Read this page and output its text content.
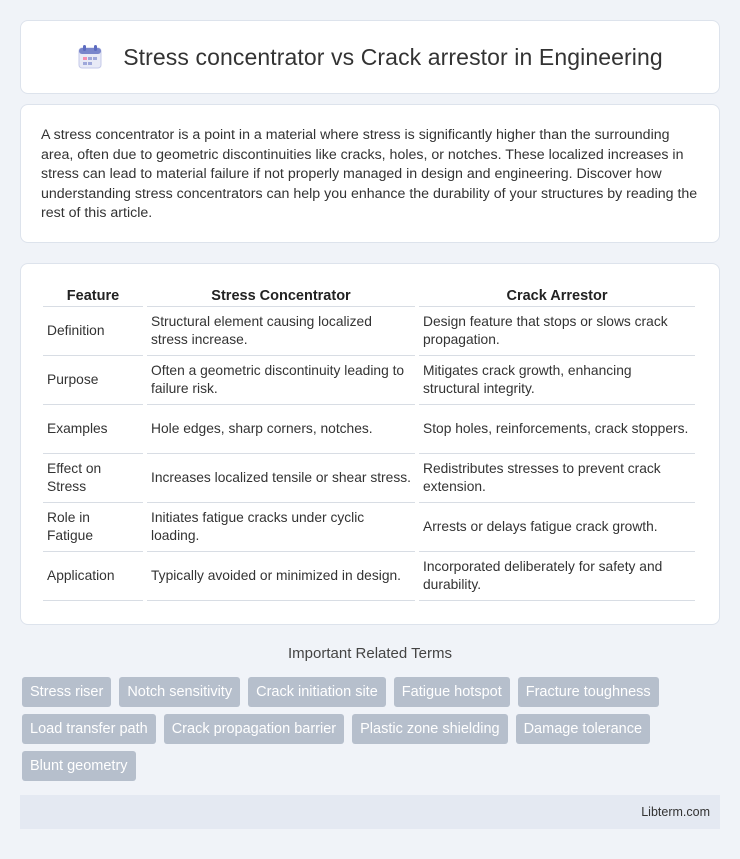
Stress concentrator vs Crack arrestor in Engineering

A stress concentrator is a point in a material where stress is significantly higher than the surrounding area, often due to geometric discontinuities like cracks, holes, or notches. These localized increases in stress can lead to material failure if not properly managed in design and engineering. Discover how understanding stress concentrators can help you enhance the durability of your structures by reading the rest of this article.

Feature	Stress Concentrator	Crack Arrestor
Definition	Structural element causing localized stress increase.	Design feature that stops or slows crack propagation.
Purpose	Often a geometric discontinuity leading to failure risk.	Mitigates crack growth, enhancing structural integrity.
Examples	Hole edges, sharp corners, notches.	Stop holes, reinforcements, crack stoppers.
Effect on Stress	Increases localized tensile or shear stress.	Redistributes stresses to prevent crack extension.
Role in Fatigue	Initiates fatigue cracks under cyclic loading.	Arrests or delays fatigue crack growth.
Application	Typically avoided or minimized in design.	Incorporated deliberately for safety and durability.
Important Related Terms
Stress riser	Notch sensitivity	Crack initiation site	Fatigue hotspot	Fracture toughness
Load transfer path	Crack propagation barrier	Plastic zone shielding	Damage tolerance
Blunt geometry
Libterm.com
